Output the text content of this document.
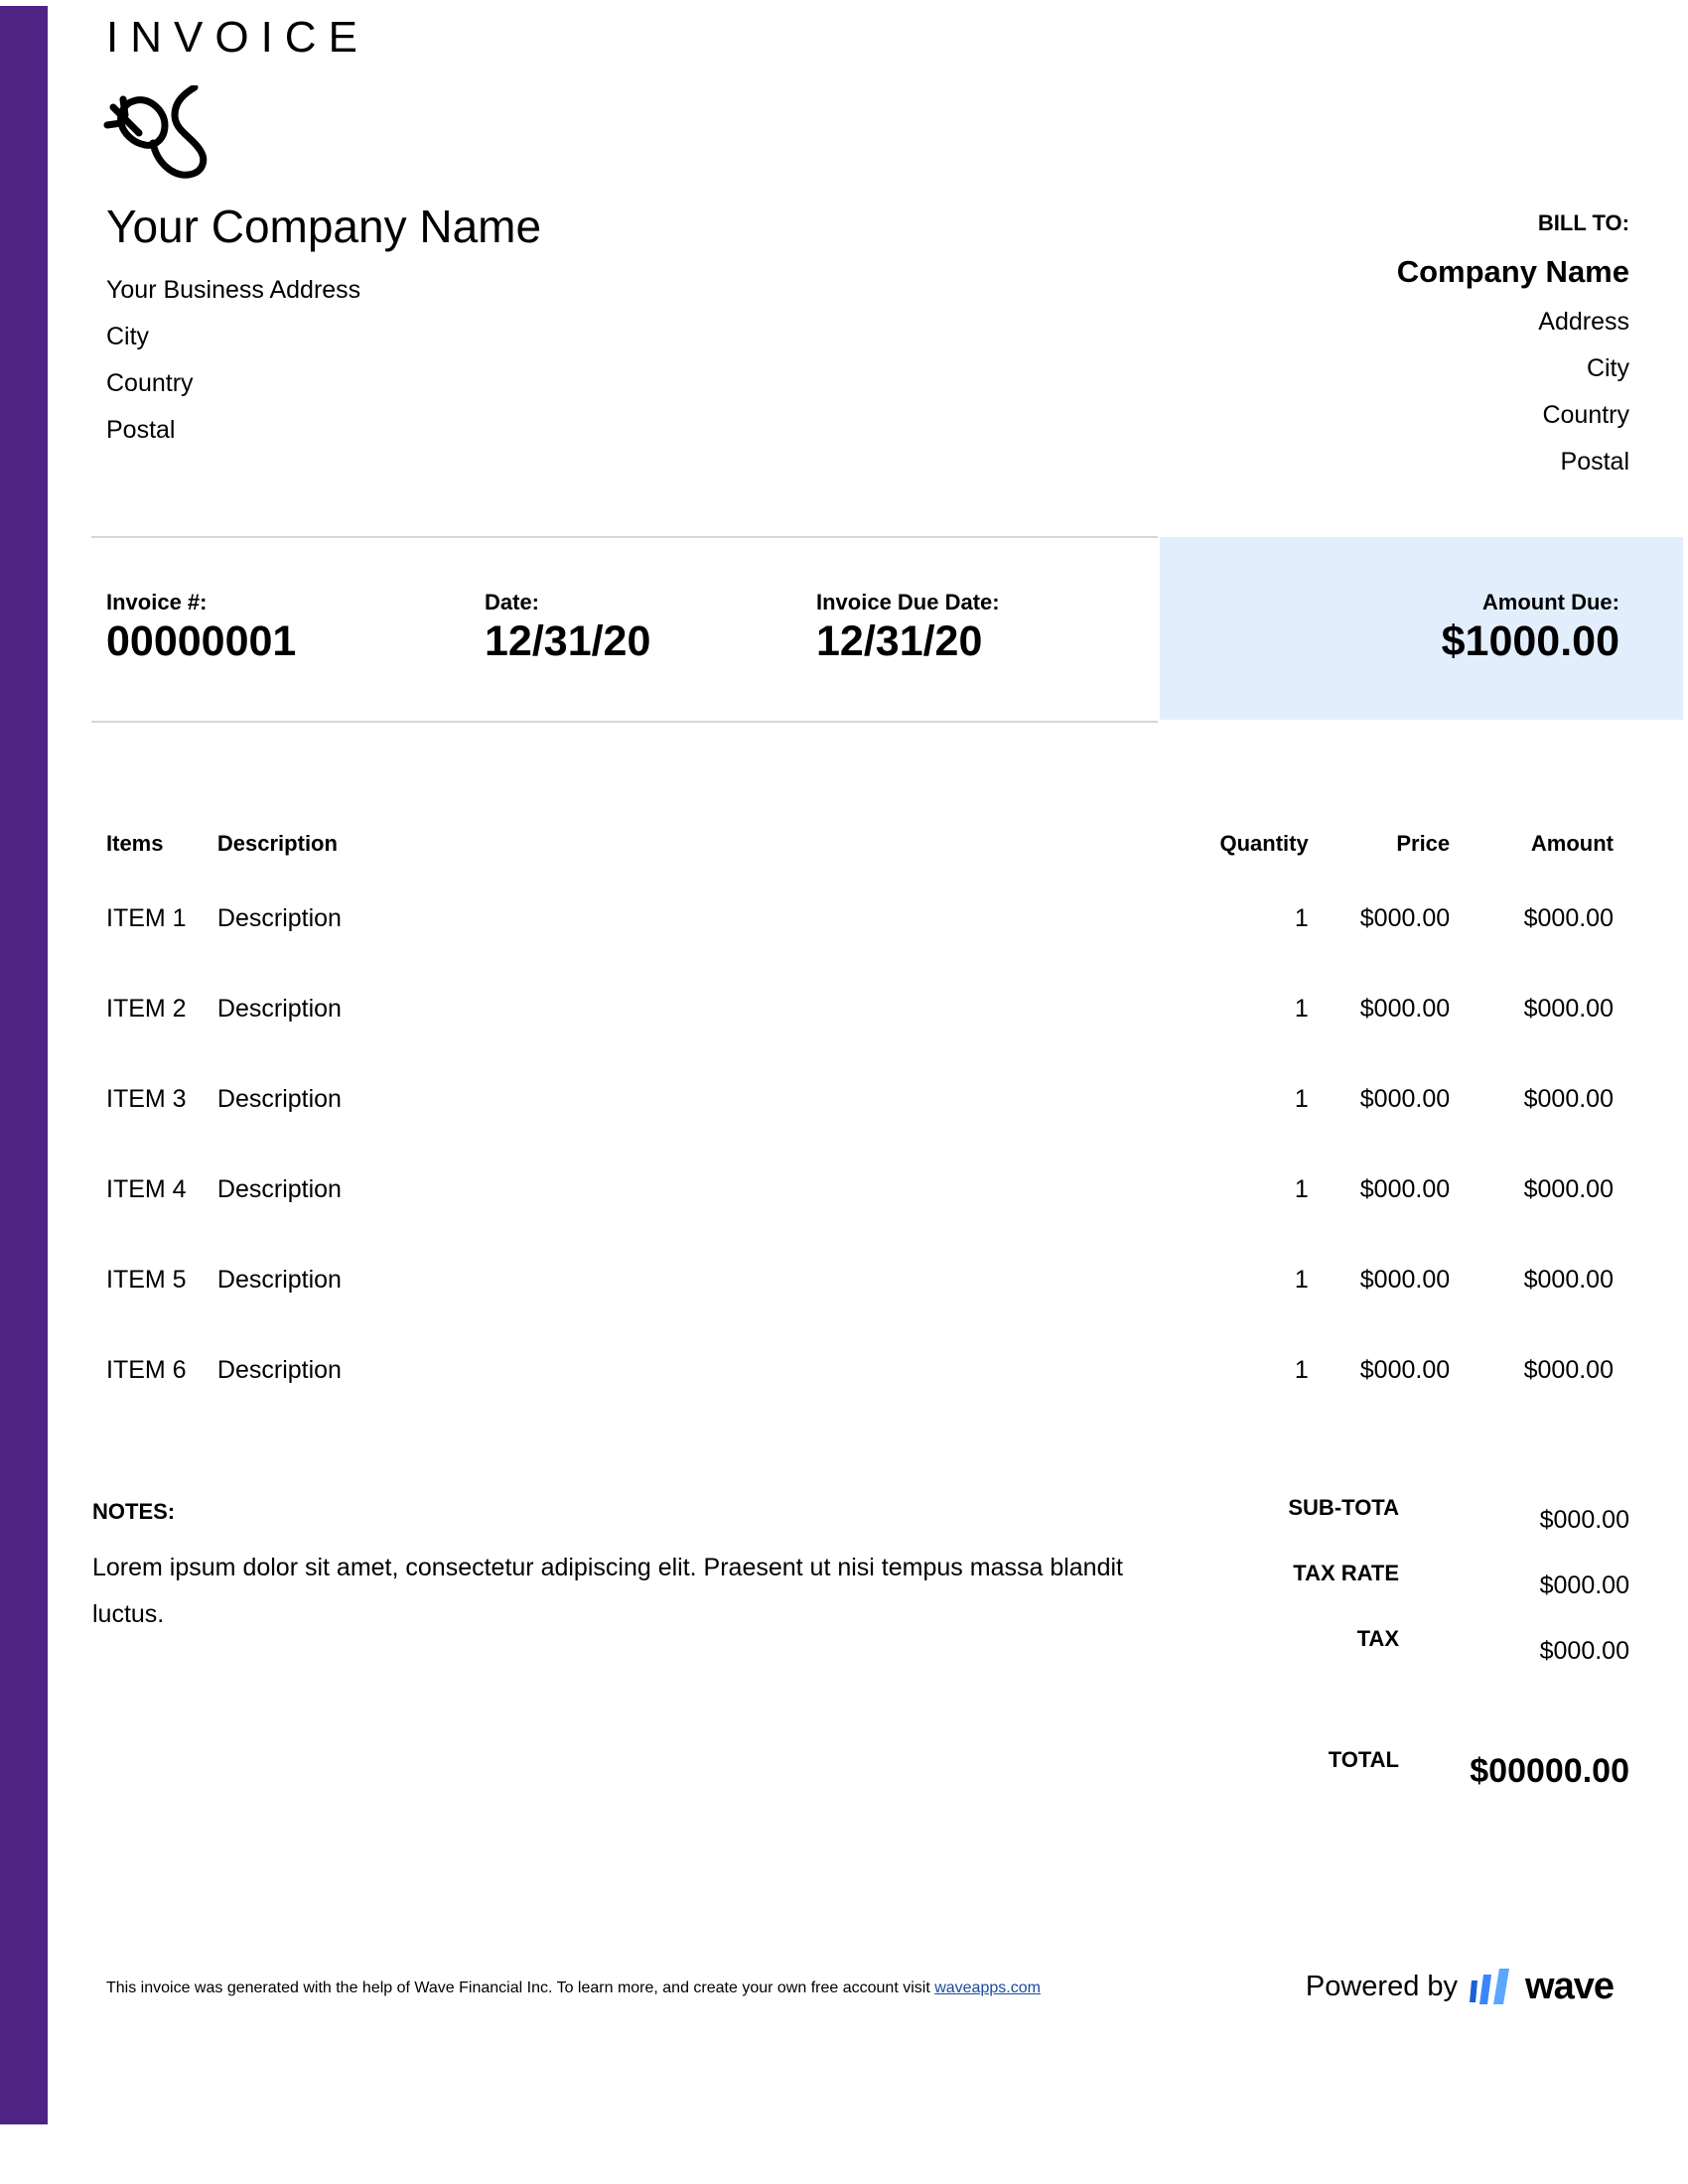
INVOICE
Your Company Name
Your Business Address
City
Country
Postal
BILL TO:
Company Name
Address
City
Country
Postal
Invoice #:
00000001
Date:
12/31/20
Invoice Due Date:
12/31/20
Amount Due:
$1000.00
Items	Description	Quantity	Price	Amount
ITEM 1	Description	1	$000.00	$000.00
ITEM 2	Description	1	$000.00	$000.00
ITEM 3	Description	1	$000.00	$000.00
ITEM 4	Description	1	$000.00	$000.00
ITEM 5	Description	1	$000.00	$000.00
ITEM 6	Description	1	$000.00	$000.00
NOTES:
Lorem ipsum dolor sit amet, consectetur adipiscing elit. Praesent ut nisi tempus massa blandit luctus.
SUB-TOTA	$000.00
TAX RATE	$000.00
TAX	$000.00
TOTAL $00000.00
This invoice was generated with the help of Wave Financial Inc. To learn more, and create your own free account visit waveapps.com	Powered by wave
